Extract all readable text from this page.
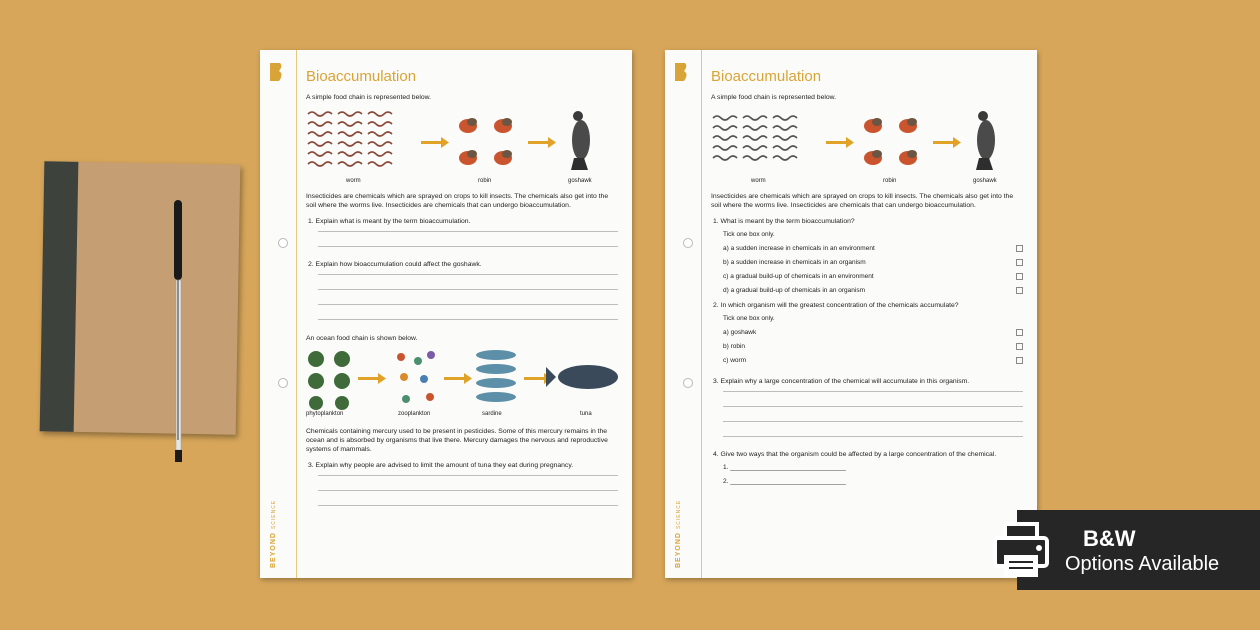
BEYONDSCIENCE
Bioaccumulation
A simple food chain is represented below.
worm	robin	goshawk
Insecticides are chemicals which are sprayed on crops to kill insects. The chemicals also get into the soil where the worms live. Insecticides are chemicals that can undergo bioaccumulation.
1. Explain what is meant by the term bioaccumulation.
2. Explain how bioaccumulation could affect the goshawk.
An ocean food chain is shown below.
phytoplankton	zooplankton	sardine	tuna
Chemicals containing mercury used to be present in pesticides. Some of this mercury remains in the ocean and is absorbed by organisms that live there. Mercury damages the nervous and reproductive systems of mammals.
3. Explain why people are advised to limit the amount of tuna they eat during pregnancy.
BEYONDSCIENCE
Bioaccumulation
A simple food chain is represented below.
worm	robin	goshawk
Insecticides are chemicals which are sprayed on crops to kill insects. The chemicals also get into the soil where the worms live. Insecticides are chemicals that can undergo bioaccumulation.
1. What is meant by the term bioaccumulation?
Tick one box only.
a) a sudden increase in chemicals in an environment
b) a sudden increase in chemicals in an organism
c) a gradual build-up of chemicals in an environment
d) a gradual build-up of chemicals in an organism
2. In which organism will the greatest concentration of the chemicals accumulate?
Tick one box only.
a) goshawk
b) robin
c) worm
3. Explain why a large concentration of the chemical will accumulate in this organism.
4. Give two ways that the organism could be affected by a large concentration of the chemical.
1. ________________________________
2. ________________________________
B&W
Options Available
